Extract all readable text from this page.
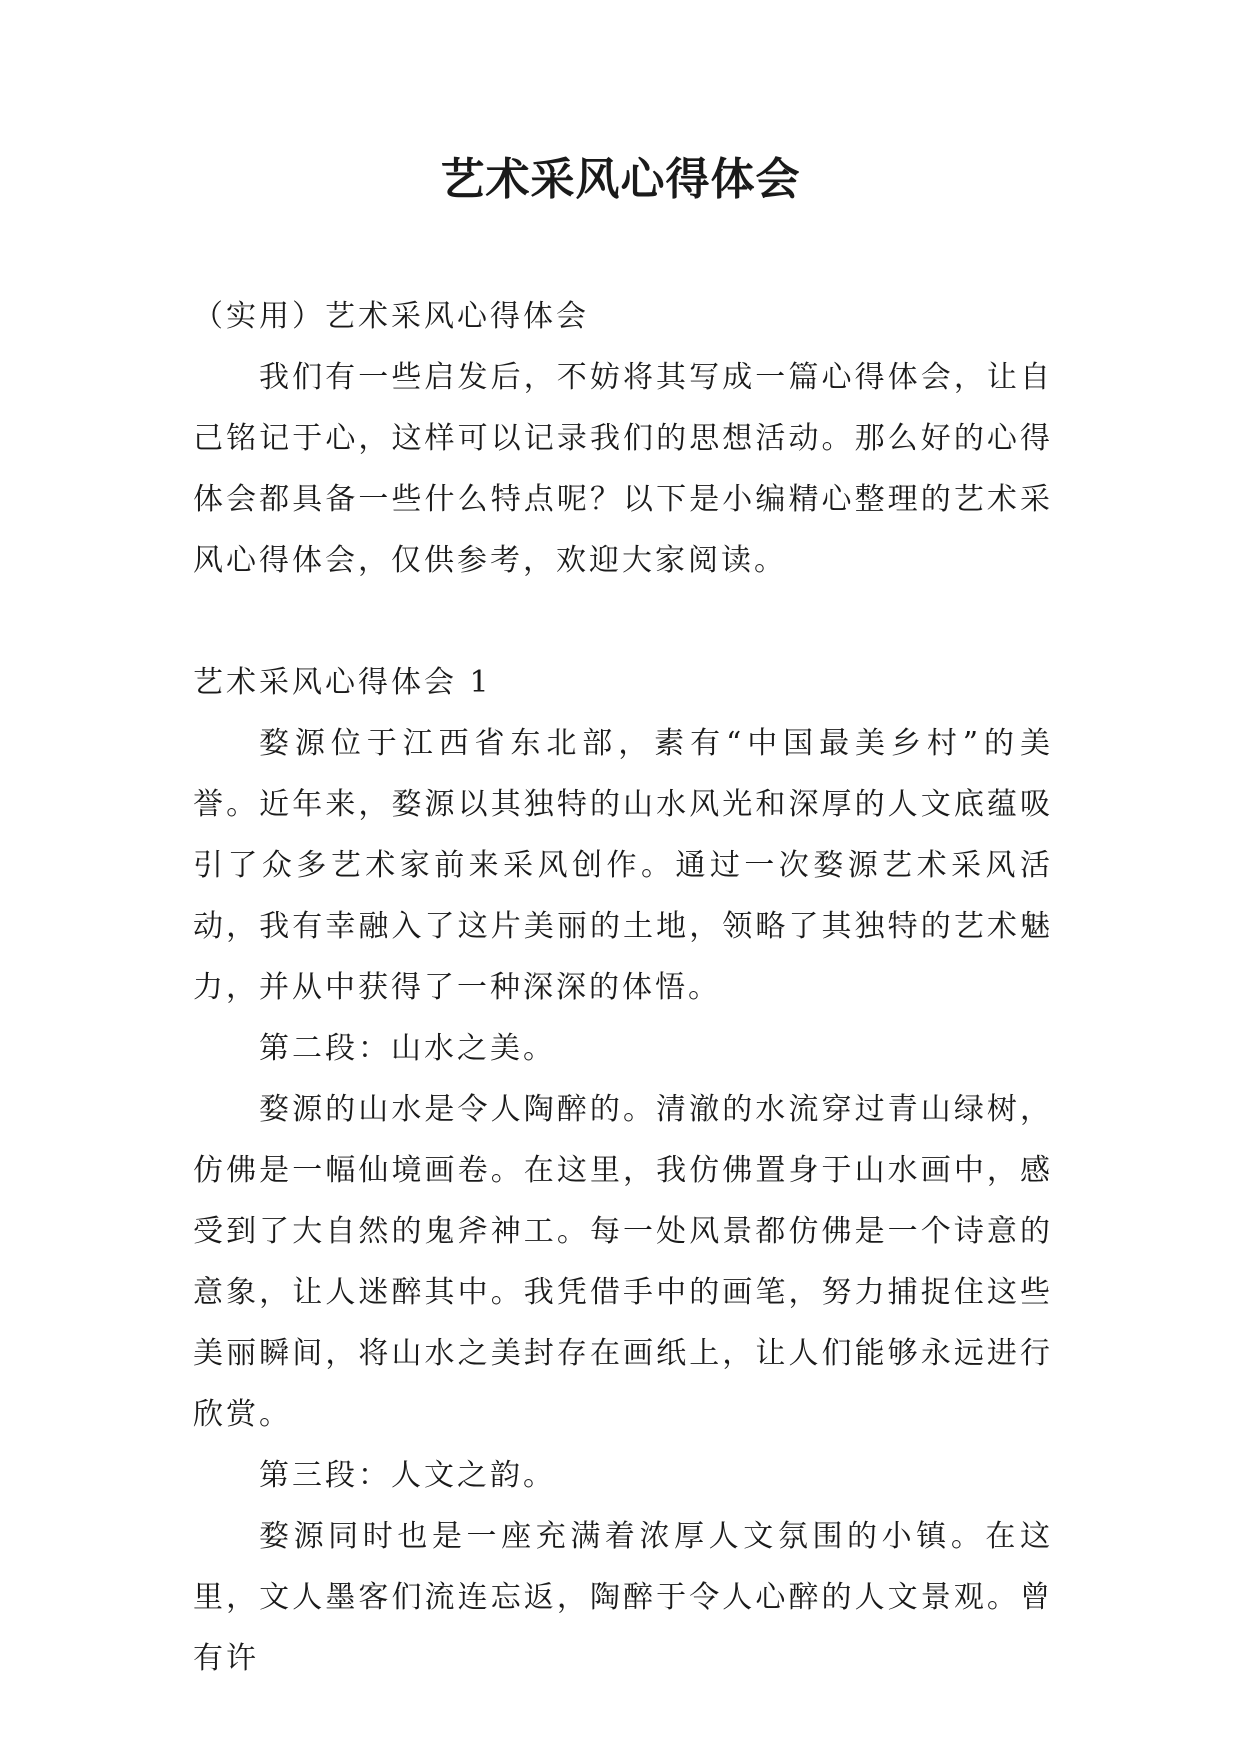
艺术采风心得体会

（实用）艺术采风心得体会

我们有一些启发后，不妨将其写成一篇心得体会，让自己铭记于心，这样可以记录我们的思想活动。那么好的心得体会都具备一些什么特点呢？以下是小编精心整理的艺术采风心得体会，仅供参考，欢迎大家阅读。

艺术采风心得体会 1

婺源位于江西省东北部，素有“中国最美乡村”的美誉。近年来，婺源以其独特的山水风光和深厚的人文底蕴吸引了众多艺术家前来采风创作。通过一次婺源艺术采风活动，我有幸融入了这片美丽的土地，领略了其独特的艺术魅力，并从中获得了一种深深的体悟。

第二段：山水之美。

婺源的山水是令人陶醉的。清澈的水流穿过青山绿树，仿佛是一幅仙境画卷。在这里，我仿佛置身于山水画中，感受到了大自然的鬼斧神工。每一处风景都仿佛是一个诗意的意象，让人迷醉其中。我凭借手中的画笔，努力捕捉住这些美丽瞬间，将山水之美封存在画纸上，让人们能够永远进行欣赏。

第三段：人文之韵。

婺源同时也是一座充满着浓厚人文氛围的小镇。在这里，文人墨客们流连忘返，陶醉于令人心醉的人文景观。曾有许
